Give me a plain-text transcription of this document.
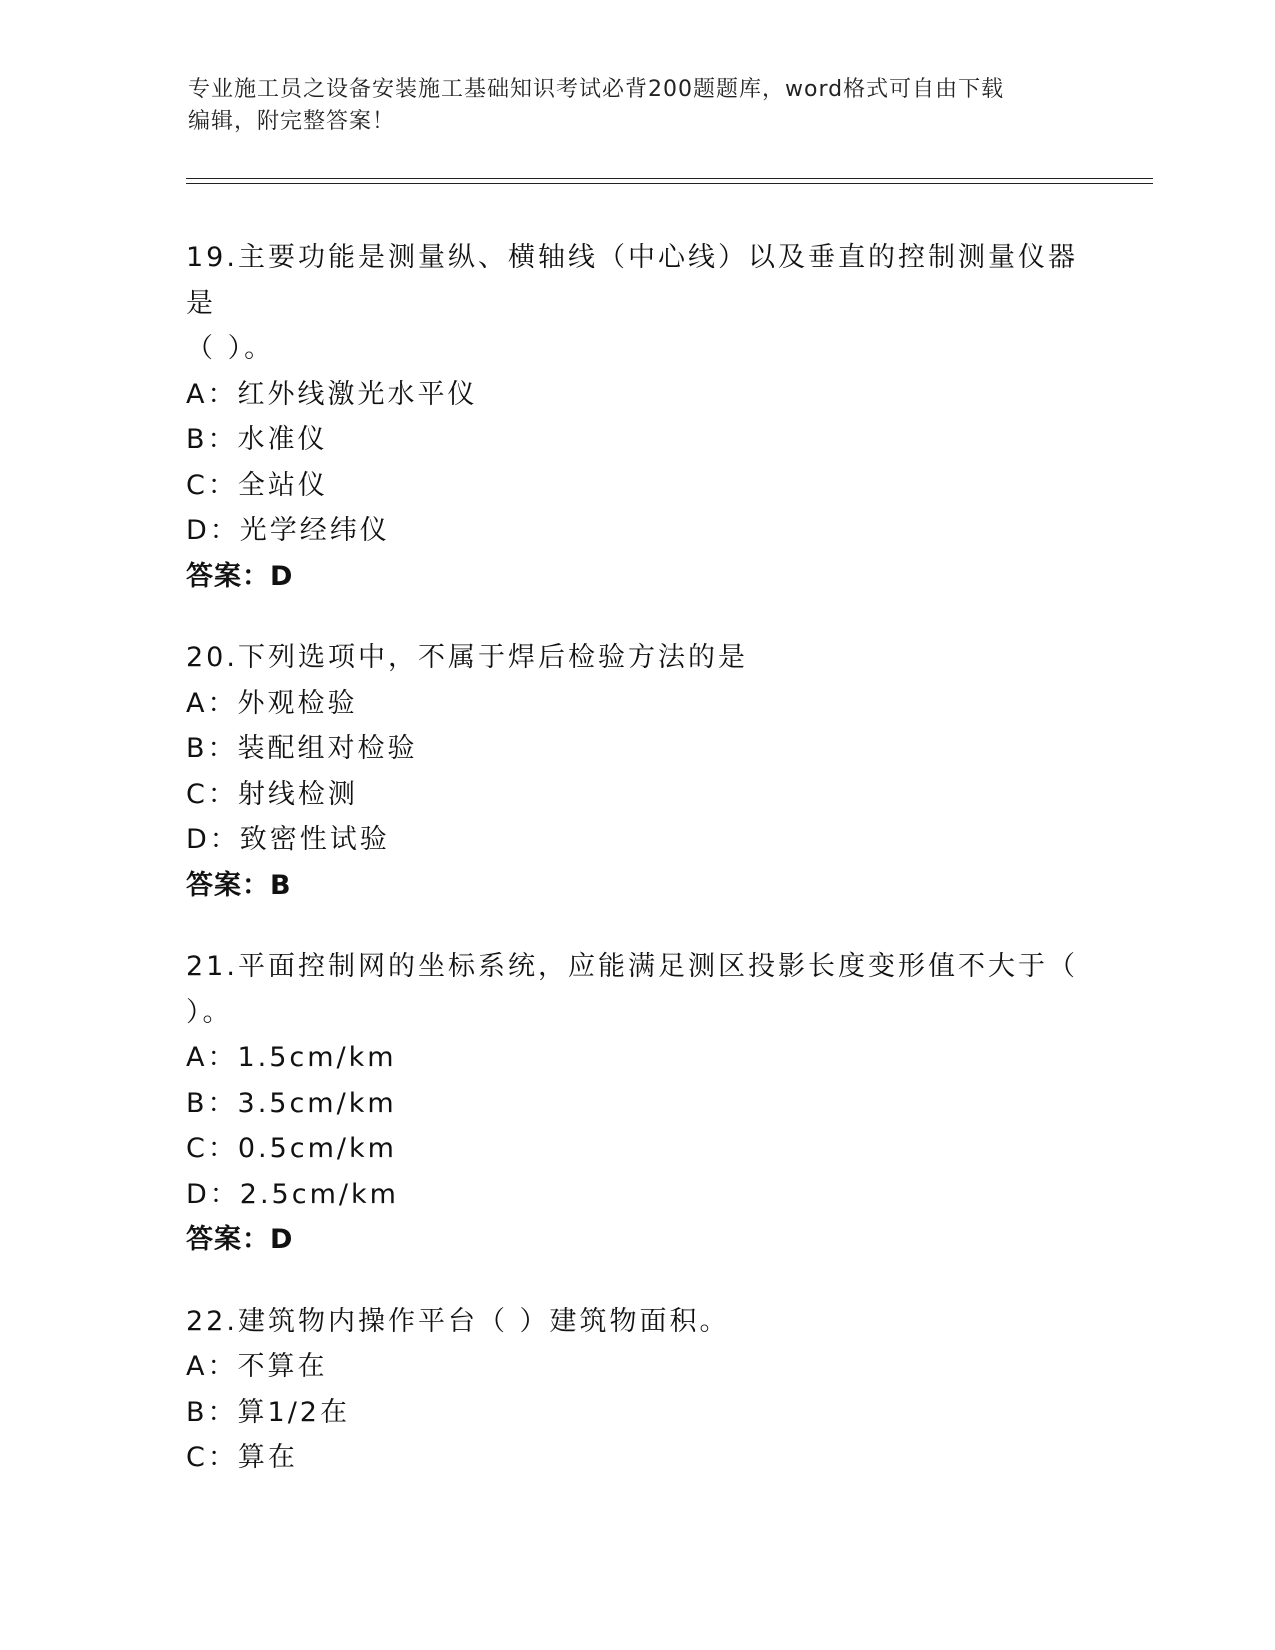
专业施工员之设备安装施工基础知识考试必背200题题库，word格式可自由下载
编辑，附完整答案！

19.主要功能是测量纵、横轴线（中心线）以及垂直的控制测量仪器是

（ ）。

A：红外线激光水平仪

B：水准仪

C：全站仪

D：光学经纬仪

答案：D

20.下列选项中，不属于焊后检验方法的是

A：外观检验

B：装配组对检验

C：射线检测

D：致密性试验

答案：B

21.平面控制网的坐标系统，应能满足测区投影长度变形值不大于（

）。

A：1.5cm/km

B：3.5cm/km

C：0.5cm/km

D：2.5cm/km

答案：D

22.建筑物内操作平台（ ）建筑物面积。

A：不算在

B：算1/2在

C：算在
